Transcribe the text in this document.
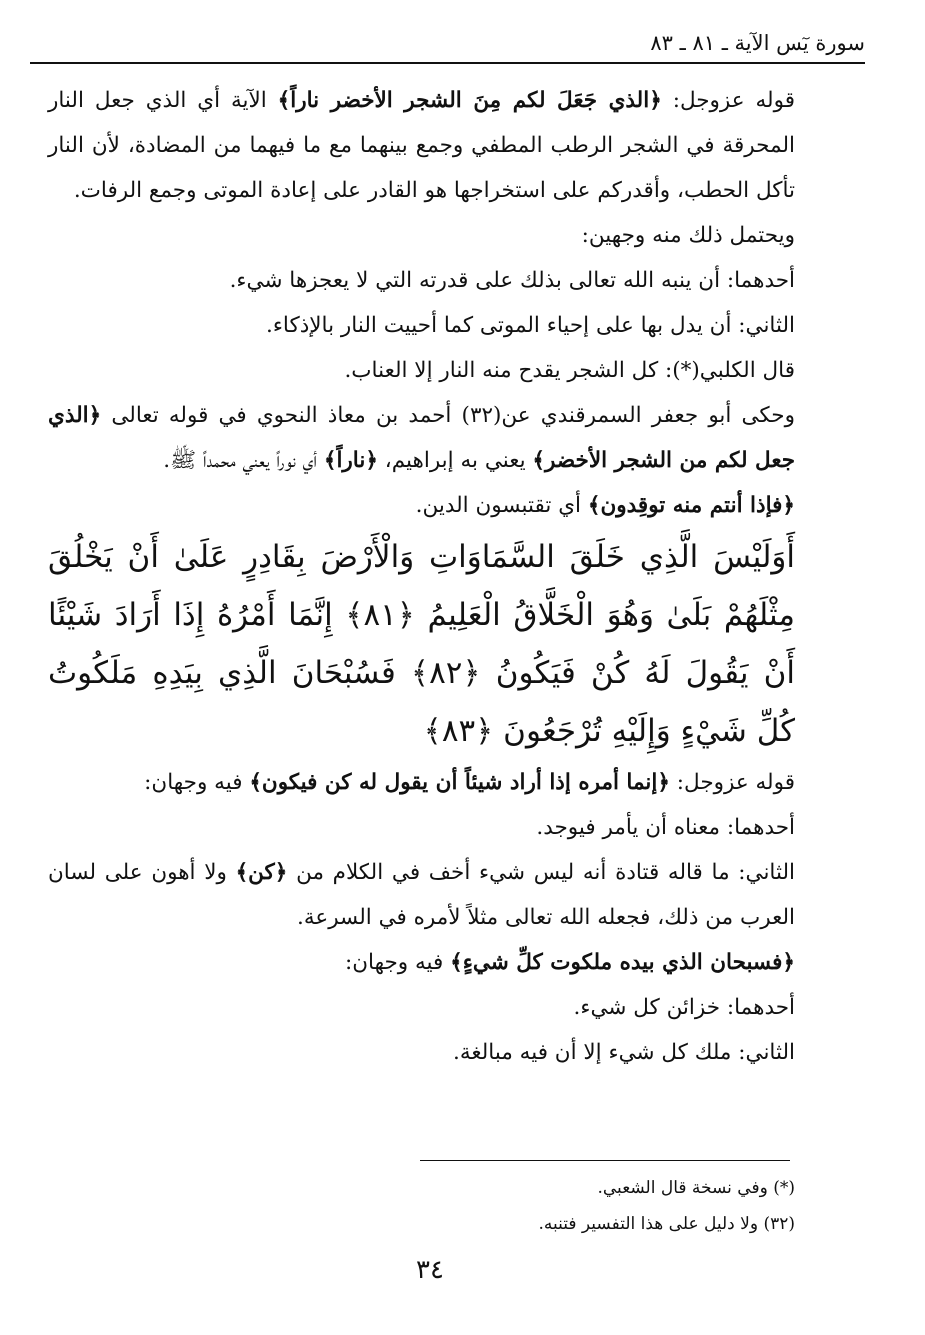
سورة يٓس الآية ـ ٨١ ـ ٨٣

قوله عزوجل: ﴿الذي جَعَلَ لكم مِنَ الشجر الأخضر ناراً﴾ الآية أي الذي جعل النار المحرقة في الشجر الرطب المطفي وجمع بينهما مع ما فيهما من المضادة، لأن النار تأكل الحطب، وأقدركم على استخراجها هو القادر على إعادة الموتى وجمع الرفات.

ويحتمل ذلك منه وجهين:

أحدهما: أن ينبه الله تعالى بذلك على قدرته التي لا يعجزها شيء.

الثاني: أن يدل بها على إحياء الموتى كما أحييت النار بالإذكاء.

قال الكلبي(*): كل الشجر يقدح منه النار إلا العناب.

وحكى أبو جعفر السمرقندي عن(٣٢) أحمد بن معاذ النحوي في قوله تعالى ﴿الذي جعل لكم من الشجر الأخضر﴾ يعني به إبراهيم، ﴿ناراً﴾ أي نوراً يعني محمداً ﷺ.

﴿فإذا أنتم منه توقِدون﴾ أي تقتبسون الدين.

أَوَلَيْسَ الَّذِي خَلَقَ السَّمَاوَاتِ وَالْأَرْضَ بِقَادِرٍ عَلَىٰ أَنْ يَخْلُقَ مِثْلَهُمْ بَلَىٰ وَهُوَ الْخَلَّاقُ الْعَلِيمُ ﴿٨١﴾ إِنَّمَا أَمْرُهُ إِذَا أَرَادَ شَيْئًا أَنْ يَقُولَ لَهُ كُنْ فَيَكُونُ ﴿٨٢﴾ فَسُبْحَانَ الَّذِي بِيَدِهِ مَلَكُوتُ كُلِّ شَيْءٍ وَإِلَيْهِ تُرْجَعُونَ ﴿٨٣﴾

قوله عزوجل: ﴿إنما أمره إذا أراد شيئاً أن يقول له كن فيكون﴾ فيه وجهان:

أحدهما: معناه أن يأمر فيوجد.

الثاني: ما قاله قتادة أنه ليس شيء أخف في الكلام من ﴿كن﴾ ولا أهون على لسان العرب من ذلك، فجعله الله تعالى مثلاً لأمره في السرعة.

﴿فسبحان الذي بيده ملكوت كلِّ شيءٍ﴾ فيه وجهان:

أحدهما: خزائن كل شيء.

الثاني: ملك كل شيء إلا أن فيه مبالغة.

(*) وفي نسخة قال الشعبي.
(٣٢) ولا دليل على هذا التفسير فتنبه.
٣٤
